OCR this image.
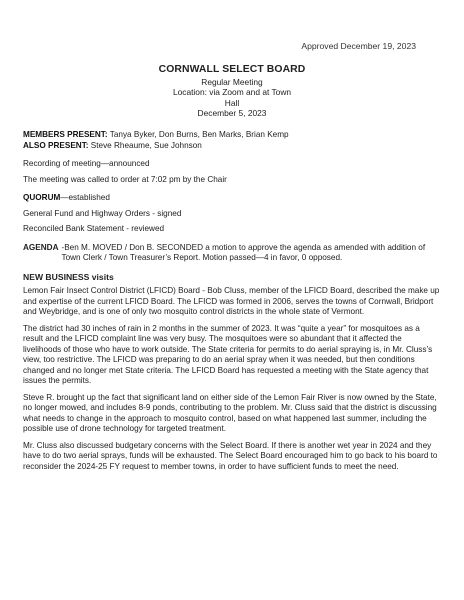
Approved December 19, 2023
CORNWALL SELECT BOARD
Regular Meeting
Location: via Zoom and at Town
Hall
December 5, 2023
MEMBERS PRESENT: Tanya Byker, Don Burns, Ben Marks, Brian Kemp
ALSO PRESENT: Steve Rheaume, Sue Johnson
Recording of meeting—announced
The meeting was called to order at 7:02 pm by the Chair
QUORUM—established
General Fund and Highway Orders - signed
Reconciled Bank Statement - reviewed
AGENDA -Ben M. MOVED / Don B. SECONDED a motion to approve the agenda as amended with addition of Town Clerk / Town Treasurer’s Report. Motion passed—4 in favor, 0 opposed.
NEW BUSINESS visits

Lemon Fair Insect Control District (LFICD) Board - Bob Cluss, member of the LFICD Board, described the make up and expertise of the current LFICD Board. The LFICD was formed in 2006, serves the towns of Cornwall, Bridport and Weybridge, and is one of only two mosquito control districts in the whole state of Vermont.

The district had 30 inches of rain in 2 months in the summer of 2023. It was “quite a year” for mosquitoes as a result and the LFICD complaint line was very busy. The mosquitoes were so abundant that it affected the livelihoods of those who have to work outside. The State criteria for permits to do aerial spraying is, in Mr. Cluss’s view, too restrictive. The LFICD was preparing to do an aerial spray when it was needed, but then conditions changed and no longer met State criteria. The LFICD Board has requested a meeting with the State agency that issues the permits.

Steve R. brought up the fact that significant land on either side of the Lemon Fair River is now owned by the State, no longer mowed, and includes 8-9 ponds, contributing to the problem. Mr. Cluss said that the district is discussing what needs to change in the approach to mosquito control, based on what happened last summer, including the possible use of drone technology for targeted treatment.

Mr. Cluss also discussed budgetary concerns with the Select Board. If there is another wet year in 2024 and they have to do two aerial sprays, funds will be exhausted. The Select Board encouraged him to go back to his board to reconsider the 2024-25 FY request to member towns, in order to have sufficient funds to meet the need.
